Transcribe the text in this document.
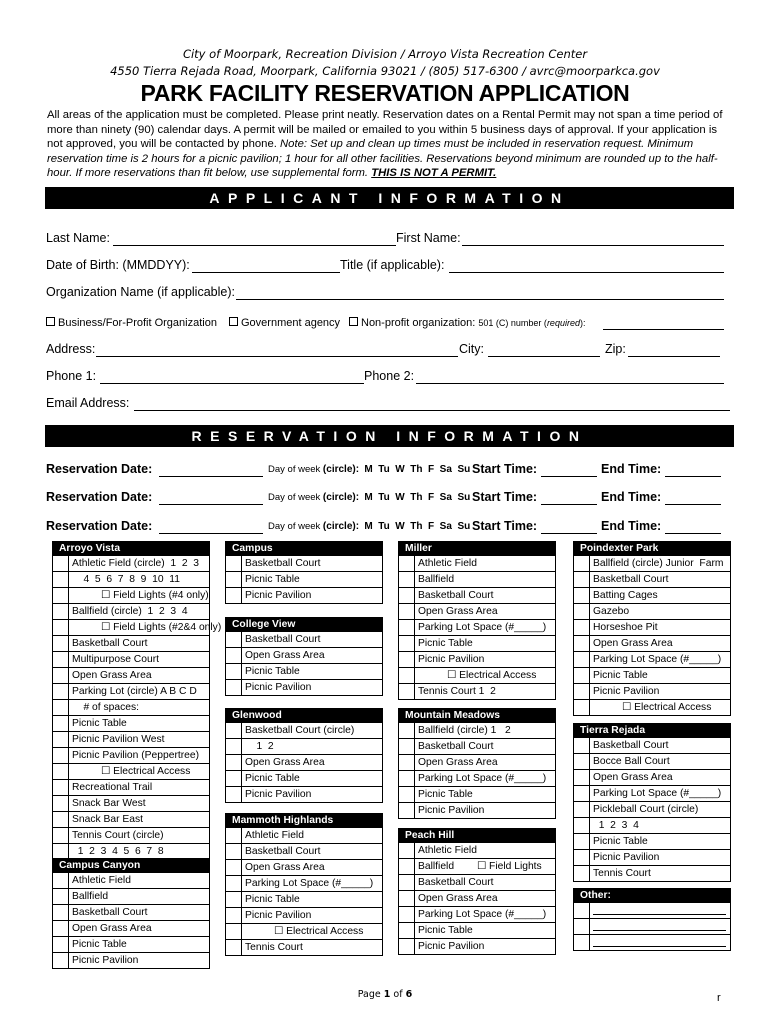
City of Moorpark, Recreation Division / Arroyo Vista Recreation Center
4550 Tierra Rejada Road, Moorpark, California 93021 / (805) 517-6300 / avrc@moorparkca.gov
PARK FACILITY RESERVATION APPLICATION
All areas of the application must be completed. Please print neatly. Reservation dates on a Rental Permit may not span a time period of more than ninety (90) calendar days. A permit will be mailed or emailed to you within 5 business days of approval. If your application is not approved, you will be contacted by phone. Note: Set up and clean up times must be included in reservation request. Minimum reservation time is 2 hours for a picnic pavilion; 1 hour for all other facilities. Reservations beyond minimum are rounded up to the half-hour. If more reservations than fit below, use supplemental form. THIS IS NOT A PERMIT.
APPLICANT INFORMATION
Last Name:	First Name:
Date of Birth: (MMDDYY):	Title (if applicable):
Organization Name (if applicable):
Business/For-Profit Organization	Government agency	Non-profit organization: 501 (C) number (required):
Address:	City:	Zip:
Phone 1:	Phone 2:
Email Address:
RESERVATION INFORMATION
Reservation Date:	Day of week (circle): M  Tu  W  Th  F  Sa  Su Start Time:	End Time:
Reservation Date:	Day of week (circle): M  Tu  W  Th  F  Sa  Su Start Time:	End Time:
Reservation Date:	Day of week (circle): M  Tu  W  Th  F  Sa  Su Start Time:	End Time:
Arroyo Vista
Athletic Field (circle)  1  2  3
4  5  6  7  8  9  10  11
☐ Field Lights (#4 only)
Ballfield (circle)  1  2  3  4
☐ Field Lights (#2&4 only)
Basketball Court
Multipurpose Court
Open Grass Area
Parking Lot (circle) A B C D
# of spaces:
Picnic Table
Picnic Pavilion West
Picnic Pavilion (Peppertree)
☐ Electrical Access
Recreational Trail
Snack Bar West
Snack Bar East
Tennis Court (circle)
1  2  3  4  5  6  7  8
Campus Canyon
Athletic Field
Ballfield
Basketball Court
Open Grass Area
Picnic Table
Picnic Pavilion
Campus
Basketball Court
Picnic Table
Picnic Pavilion
College View
Basketball Court
Open Grass Area
Picnic Table
Picnic Pavilion
Glenwood
Basketball Court (circle)
1  2
Open Grass Area
Picnic Table
Picnic Pavilion
Mammoth Highlands
Athletic Field
Basketball Court
Open Grass Area
Parking Lot Space (#_____)
Picnic Table
Picnic Pavilion
☐ Electrical Access
Tennis Court
Miller
Athletic Field
Ballfield
Basketball Court
Open Grass Area
Parking Lot Space (#_____)
Picnic Table
Picnic Pavilion
☐ Electrical Access
Tennis Court 1  2
Mountain Meadows
Ballfield (circle) 1   2
Basketball Court
Open Grass Area
Parking Lot Space (#_____)
Picnic Table
Picnic Pavilion
Peach Hill
Athletic Field
Ballfield        ☐ Field Lights
Basketball Court
Open Grass Area
Parking Lot Space (#_____)
Picnic Table
Picnic Pavilion
Poindexter Park
Ballfield (circle) Junior  Farm
Basketball Court
Batting Cages
Gazebo
Horseshoe Pit
Open Grass Area
Parking Lot Space (#_____)
Picnic Table
Picnic Pavilion
☐ Electrical Access
Tierra Rejada
Basketball Court
Bocce Ball Court
Open Grass Area
Parking Lot Space (#_____)
Pickleball Court (circle)
1  2  3  4
Picnic Table
Picnic Pavilion
Tennis Court
Other:
Page 1 of 6	r
